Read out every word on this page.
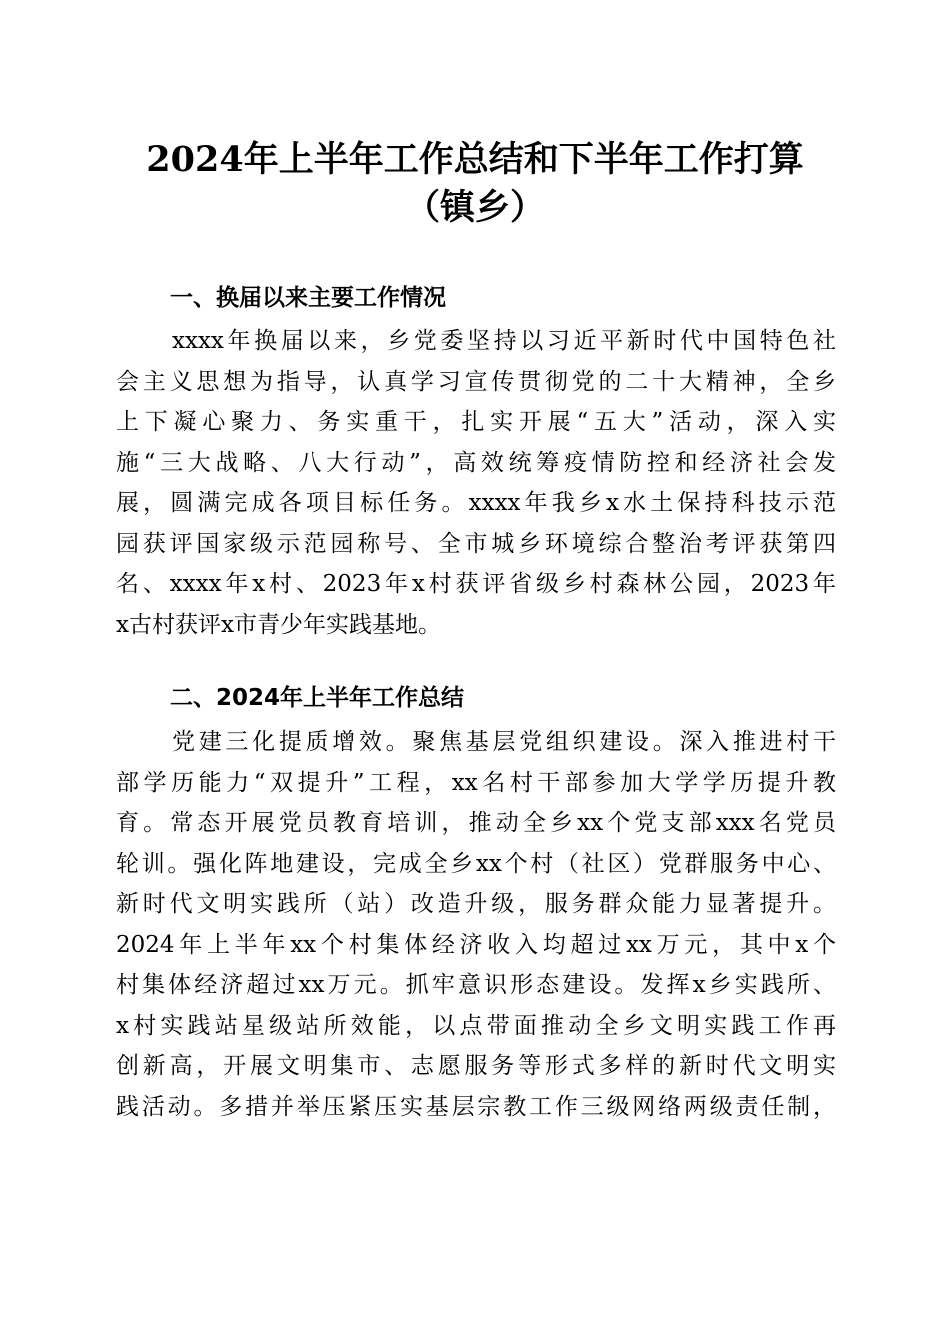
2024年上半年工作总结和下半年工作打算
（镇乡）
一、换届以来主要工作情况
xxxx年换届以来，乡党委坚持以习近平新时代中国特色社
会主义思想为指导，认真学习宣传贯彻党的二十大精神，全乡
上下凝心聚力、务实重干，扎实开展“五大”活动，深入实
施“三大战略、八大行动”，高效统筹疫情防控和经济社会发
展，圆满完成各项目标任务。xxxx年我乡x水土保持科技示范
园获评国家级示范园称号、全市城乡环境综合整治考评获第四
名、xxxx年x村、2023年x村获评省级乡村森林公园，2023年
x古村获评x市青少年实践基地。
二、2024年上半年工作总结
党建三化提质增效。聚焦基层党组织建设。深入推进村干
部学历能力“双提升”工程，xx名村干部参加大学学历提升教
育。常态开展党员教育培训，推动全乡xx个党支部xxx名党员
轮训。强化阵地建设，完成全乡xx个村（社区）党群服务中心、
新时代文明实践所（站）改造升级，服务群众能力显著提升。
2024年上半年xx个村集体经济收入均超过xx万元，其中x个
村集体经济超过xx万元。抓牢意识形态建设。发挥x乡实践所、
x村实践站星级站所效能，以点带面推动全乡文明实践工作再
创新高，开展文明集市、志愿服务等形式多样的新时代文明实
践活动。多措并举压紧压实基层宗教工作三级网络两级责任制，
